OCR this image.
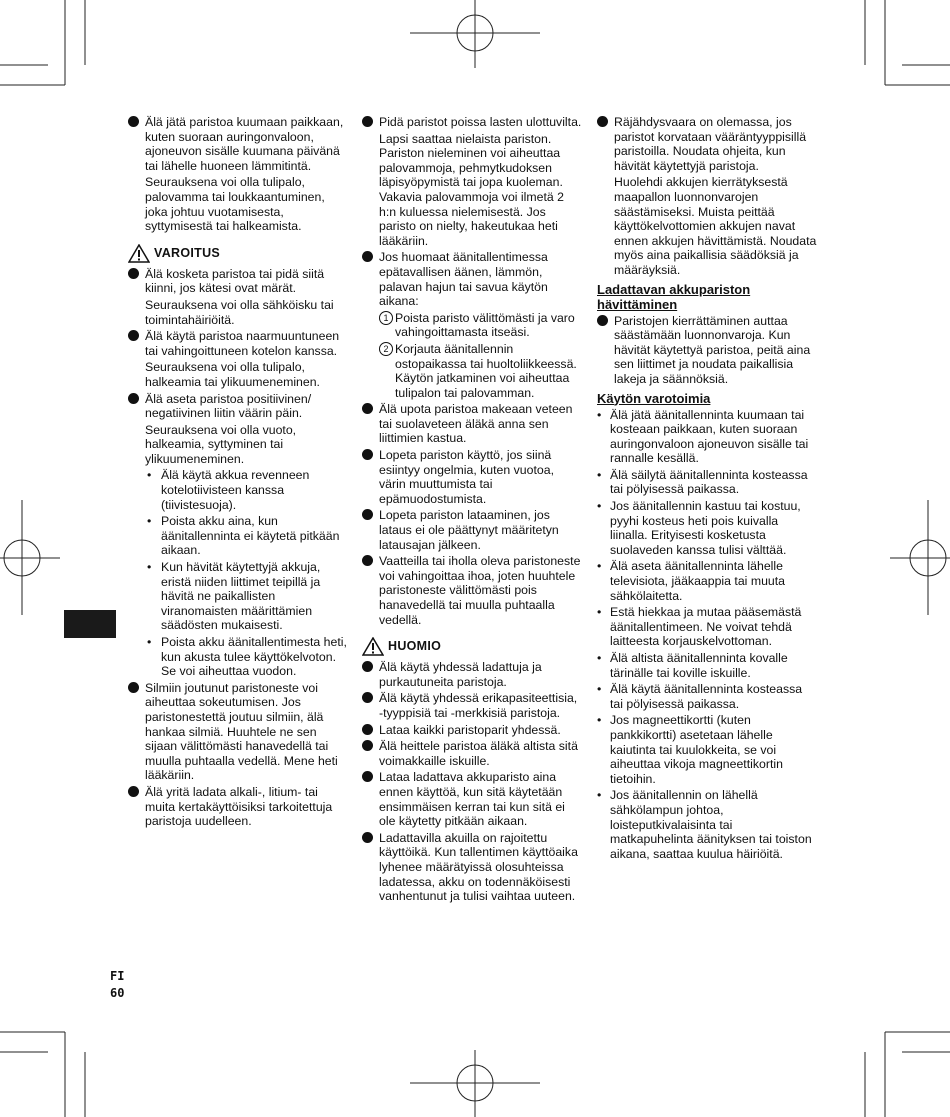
Älä jätä paristoa kuumaan paikkaan, kuten suoraan auringonvaloon, ajoneuvon sisälle kuumana päivänä tai lähelle huoneen lämmitintä.
Seurauksena voi olla tulipalo, palovamma tai loukkaantuminen, joka johtuu vuotamisesta, syttymisestä tai halkeamista.
VAROITUS
Älä kosketa paristoa tai pidä siitä kiinni, jos kätesi ovat märät.
Seurauksena voi olla sähköisku tai toimintahäiriöitä.
Älä käytä paristoa naarmuuntuneen tai vahingoittuneen kotelon kanssa.
Seurauksena voi olla tulipalo, halkeamia tai ylikuumeneminen.
Älä aseta paristoa positiivinen/ negatiivinen liitin väärin päin.
Seurauksena voi olla vuoto, halkeamia, syttyminen tai ylikuumeneminen.
• Älä käytä akkua revenneen kotelotiivisteen kanssa (tiivistesuoja).
• Poista akku aina, kun äänitallenninta ei käytetä pitkään aikaan.
• Kun hävität käytettyjä akkuja, eristä niiden liittimet teipillä ja hävitä ne paikallisten viranomaisten määrittämien säädösten mukaisesti.
• Poista akku äänitallentimesta heti, kun akusta tulee käyttökelvoton. Se voi aiheuttaa vuodon.
Silmiin joutunut paristoneste voi aiheuttaa sokeutumisen. Jos paristonestettä joutuu silmiin, älä hankaa silmiä. Huuhtele ne sen sijaan välittömästi hanavedellä tai muulla puhtaalla vedellä. Mene heti lääkäriin.
Älä yritä ladata alkali-, litium- tai muita kertakäyttöisiksi tarkoitettuja paristoja uudelleen.
Pidä paristot poissa lasten ulottuvilta.
Lapsi saattaa nielaista pariston. Pariston nieleminen voi aiheuttaa palovammoja, pehmytkudoksen läpisyöpymistä tai jopa kuoleman. Vakavia palovammoja voi ilmetä 2 h:n kuluessa nielemisestä. Jos paristo on nielty, hakeutukaa heti lääkäriin.
Jos huomaat äänitallentimessa epätavallisen äänen, lämmön, palavan hajun tai savua käytön aikana:
1 Poista paristo välittömästi ja varo vahingoittamasta itseäsi.
2 Korjauta äänitallennin ostopaikassa tai huoltoliikkeessä. Käytön jatkaminen voi aiheuttaa tulipalon tai palovamman.
Älä upota paristoa makeaan veteen tai suolaveteen äläkä anna sen liittimien kastua.
Lopeta pariston käyttö, jos siinä esiintyy ongelmia, kuten vuotoa, värin muuttumista tai epämuodostumista.
Lopeta pariston lataaminen, jos lataus ei ole päättynyt määritetyn latausajan jälkeen.
Vaatteilla tai iholla oleva paristoneste voi vahingoittaa ihoa, joten huuhtele paristoneste välittömästi pois hanavedellä tai muulla puhtaalla vedellä.
HUOMIO
Älä käytä yhdessä ladattuja ja purkautuneita paristoja.
Älä käytä yhdessä erikapasiteettisia, -tyyppisiä tai -merkkisiä paristoja.
Lataa kaikki paristoparit yhdessä.
Älä heittele paristoa äläkä altista sitä voimakkaille iskuille.
Lataa ladattava akkuparisto aina ennen käyttöä, kun sitä käytetään ensimmäisen kerran tai kun sitä ei ole käytetty pitkään aikaan.
Ladattavilla akuilla on rajoitettu käyttöikä. Kun tallentimen käyttöaika lyhenee määrätyissä olosuhteissa ladatessa, akku on todennäköisesti vanhentunut ja tulisi vaihtaa uuteen.
Räjähdysvaara on olemassa, jos paristot korvataan vääräntyyppisillä paristoilla. Noudata ohjeita, kun hävität käytettyjä paristoja.
Huolehdi akkujen kierrätyksestä maapallon luonnonvarojen säästämiseksi. Muista peittää käyttökelvottomien akkujen navat ennen akkujen hävittämistä. Noudata myös aina paikallisia säädöksiä ja määräyksiä.
Ladattavan akkupariston hävittäminen
Paristojen kierrättäminen auttaa säästämään luonnonvaroja. Kun hävität käytettyä paristoa, peitä aina sen liittimet ja noudata paikallisia lakeja ja säännöksiä.
Käytön varotoimia
• Älä jätä äänitallenninta kuumaan tai kosteaan paikkaan, kuten suoraan auringonvaloon ajoneuvon sisälle tai rannalle kesällä.
• Älä säilytä äänitallenninta kosteassa tai pölyisessä paikassa.
• Jos äänitallennin kastuu tai kostuu, pyyhi kosteus heti pois kuivalla liinalla. Erityisesti kosketusta suolaveden kanssa tulisi välttää.
• Älä aseta äänitallenninta lähelle televisiota, jääkaappia tai muuta sähkölaitetta.
• Estä hiekkaa ja mutaa pääsemästä äänitallentimeen. Ne voivat tehdä laitteesta korjauskelvottoman.
• Älä altista äänitallenninta kovalle tärinälle tai koville iskuille.
• Älä käytä äänitallenninta kosteassa tai pölyisessä paikassa.
• Jos magneettikortti (kuten pankkikortti) asetetaan lähelle kaiutinta tai kuulokkeita, se voi aiheuttaa vikoja magneettikortin tietoihin.
• Jos äänitallennin on lähellä sähkölampun johtoa, loisteputkivalaisinta tai matkapuhelinta äänityksen tai toiston aikana, saattaa kuulua häiriöitä.
FI
60
